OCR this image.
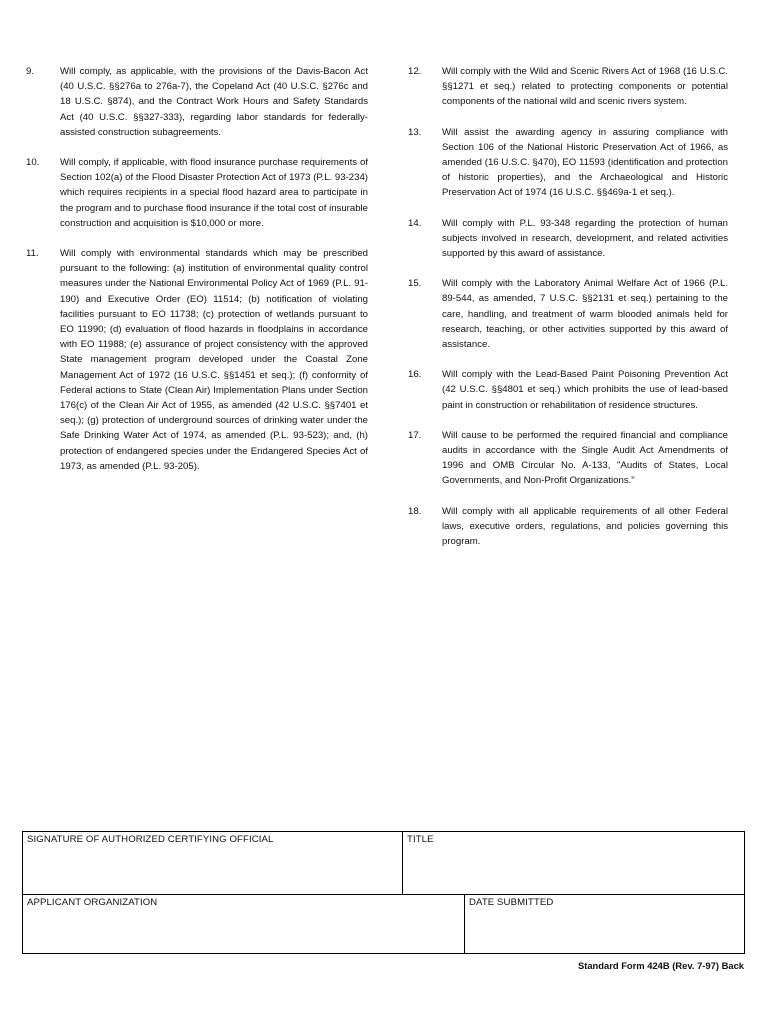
9.	Will comply, as applicable, with the provisions of the Davis-Bacon Act (40 U.S.C. §§276a to 276a-7), the Copeland Act (40 U.S.C. §276c and 18 U.S.C. §874), and the Contract Work Hours and Safety Standards Act (40 U.S.C. §§327-333), regarding labor standards for federally-assisted construction subagreements.
10.	Will comply, if applicable, with flood insurance purchase requirements of Section 102(a) of the Flood Disaster Protection Act of 1973 (P.L. 93-234) which requires recipients in a special flood hazard area to participate in the program and to purchase flood insurance if the total cost of insurable construction and acquisition is $10,000 or more.
11.	Will comply with environmental standards which may be prescribed pursuant to the following: (a) institution of environmental quality control measures under the National Environmental Policy Act of 1969 (P.L. 91-190) and Executive Order (EO) 11514; (b) notification of violating facilities pursuant to EO 11738; (c) protection of wetlands pursuant to EO 11990; (d) evaluation of flood hazards in floodplains in accordance with EO 11988; (e) assurance of project consistency with the approved State management program developed under the Coastal Zone Management Act of 1972 (16 U.S.C. §§1451 et seq.); (f) conformity of Federal actions to State (Clean Air) Implementation Plans under Section 176(c) of the Clean Air Act of 1955, as amended (42 U.S.C. §§7401 et seq.); (g) protection of underground sources of drinking water under the Safe Drinking Water Act of 1974, as amended (P.L. 93-523); and, (h) protection of endangered species under the Endangered Species Act of 1973, as amended (P.L. 93-205).
12.	Will comply with the Wild and Scenic Rivers Act of 1968 (16 U.S.C. §§1271 et seq.) related to protecting components or potential components of the national wild and scenic rivers system.
13.	Will assist the awarding agency in assuring compliance with Section 106 of the National Historic Preservation Act of 1966, as amended (16 U.S.C. §470), EO 11593 (identification and protection of historic properties), and the Archaeological and Historic Preservation Act of 1974 (16 U.S.C. §§469a-1 et seq.).
14.	Will comply with P.L. 93-348 regarding the protection of human subjects involved in research, development, and related activities supported by this award of assistance.
15.	Will comply with the Laboratory Animal Welfare Act of 1966 (P.L. 89-544, as amended, 7 U.S.C. §§2131 et seq.) pertaining to the care, handling, and treatment of warm blooded animals held for research, teaching, or other activities supported by this award of assistance.
16.	Will comply with the Lead-Based Paint Poisoning Prevention Act (42 U.S.C. §§4801 et seq.) which prohibits the use of lead-based paint in construction or rehabilitation of residence structures.
17.	Will cause to be performed the required financial and compliance audits in accordance with the Single Audit Act Amendments of 1996 and OMB Circular No. A-133, "Audits of States, Local Governments, and Non-Profit Organizations."
18.	Will comply with all applicable requirements of all other Federal laws, executive orders, regulations, and policies governing this program.
SIGNATURE OF AUTHORIZED CERTIFYING OFFICIAL	TITLE	
APPLICANT ORGANIZATION		DATE SUBMITTED
Standard Form 424B (Rev. 7-97) Back
